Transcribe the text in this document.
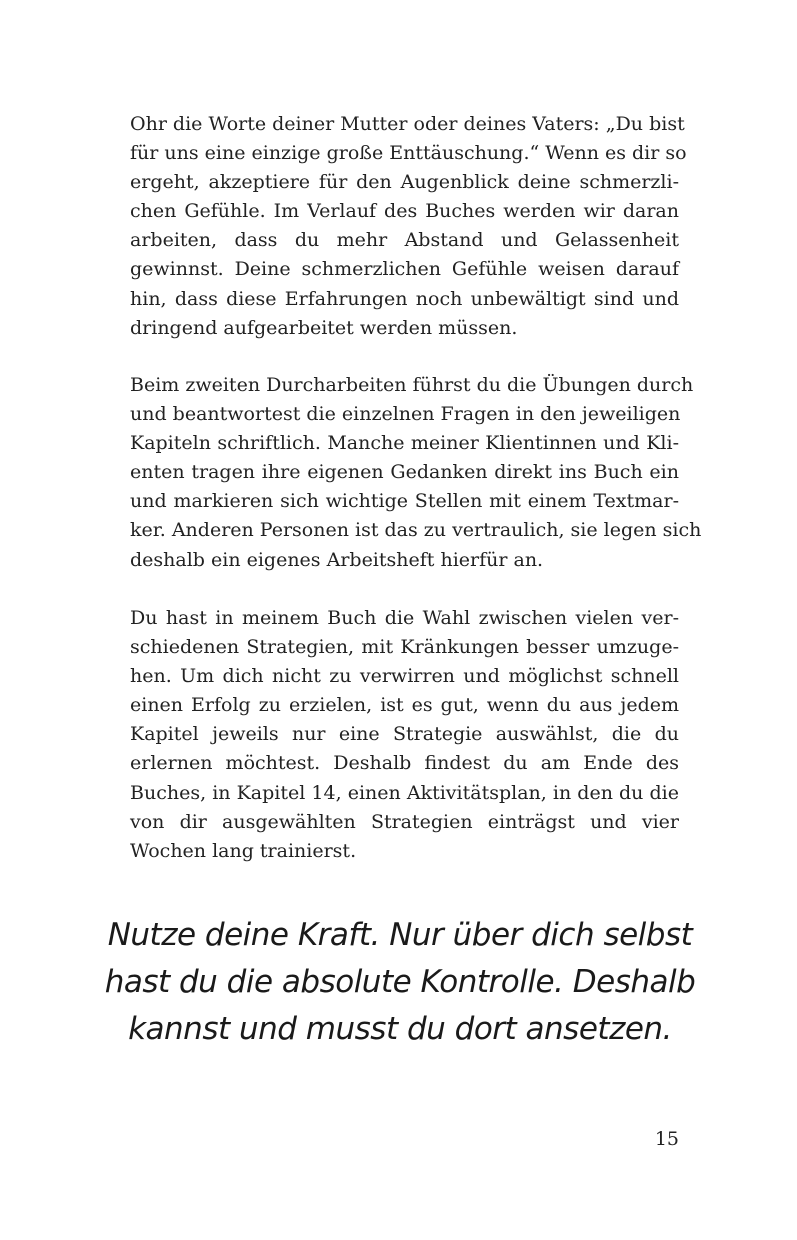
Ohr die Worte deiner Mutter oder deines Vaters: „Du bist
für uns eine einzige große Enttäuschung.“ Wenn es dir so
ergeht, akzeptiere für den Augenblick deine schmerzli-
chen Gefühle. Im Verlauf des Buches werden wir daran
arbeiten, dass du mehr Abstand und Gelassenheit
gewinnst. Deine schmerzlichen Gefühle weisen darauf
hin, dass diese Erfahrungen noch unbewältigt sind und
dringend aufgearbeitet werden müssen.
Beim zweiten Durcharbeiten führst du die Übungen durch
und beantwortest die einzelnen Fragen in den jeweiligen
Kapiteln schriftlich. Manche meiner Klientinnen und Kli-
enten tragen ihre eigenen Gedanken direkt ins Buch ein
und markieren sich wichtige Stellen mit einem Textmar-
ker. Anderen Personen ist das zu vertraulich, sie legen sich
deshalb ein eigenes Arbeitsheft hierfür an.
Du hast in meinem Buch die Wahl zwischen vielen ver-
schiedenen Strategien, mit Kränkungen besser umzuge-
hen. Um dich nicht zu verwirren und möglichst schnell
einen Erfolg zu erzielen, ist es gut, wenn du aus jedem
Kapitel jeweils nur eine Strategie auswählst, die du
erlernen möchtest. Deshalb findest du am Ende des
Buches, in Kapitel 14, einen Aktivitätsplan, in den du die
von dir ausgewählten Strategien einträgst und vier
Wochen lang trainierst.
Nutze deine Kraft. Nur über dich selbst
hast du die absolute Kontrolle. Deshalb
kannst und musst du dort ansetzen.
15
